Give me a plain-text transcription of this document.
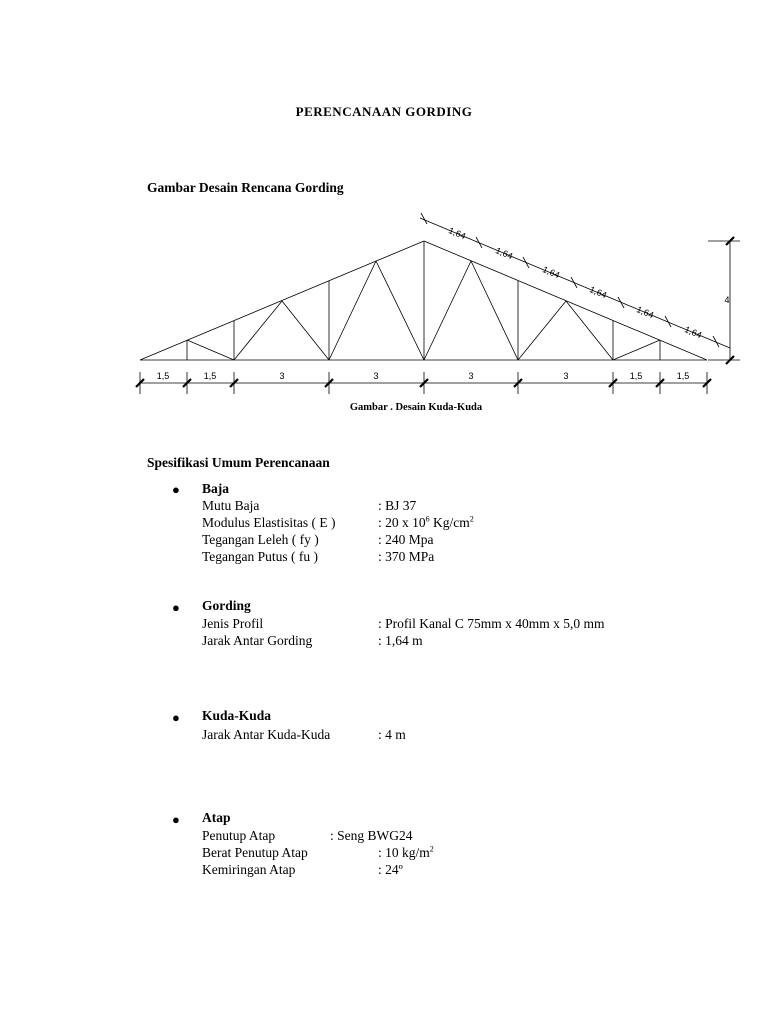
PERENCANAAN GORDING
Gambar Desain Rencana Gording
1,5	1,5	3	3	3	3	1,5	1,5
1,64
1,64
1,64
1,64
1,64
1,64
4
Gambar . Desain Kuda-Kuda
Spesifikasi Umum Perencanaan
● Baja
Mutu Baja	: BJ 37
Modulus Elastisitas ( E )	: 20 x $10^6$ $Kg/cm^2$
Tegangan Leleh ( fy )	: 240 Mpa
Tegangan Putus ( fu )	: 370 MPa
● Gording
Jenis Profil	: Profil Kanal C 75mm x 40mm x 5,0 mm
Jarak Antar Gording	: 1,64 m
● Kuda-Kuda
Jarak Antar Kuda-Kuda	: 4 m
● Atap
Penutup Atap	: Seng BWG24
Berat Penutup Atap	: 10 $kg/m^2$
Kemiringan Atap	: 24º
